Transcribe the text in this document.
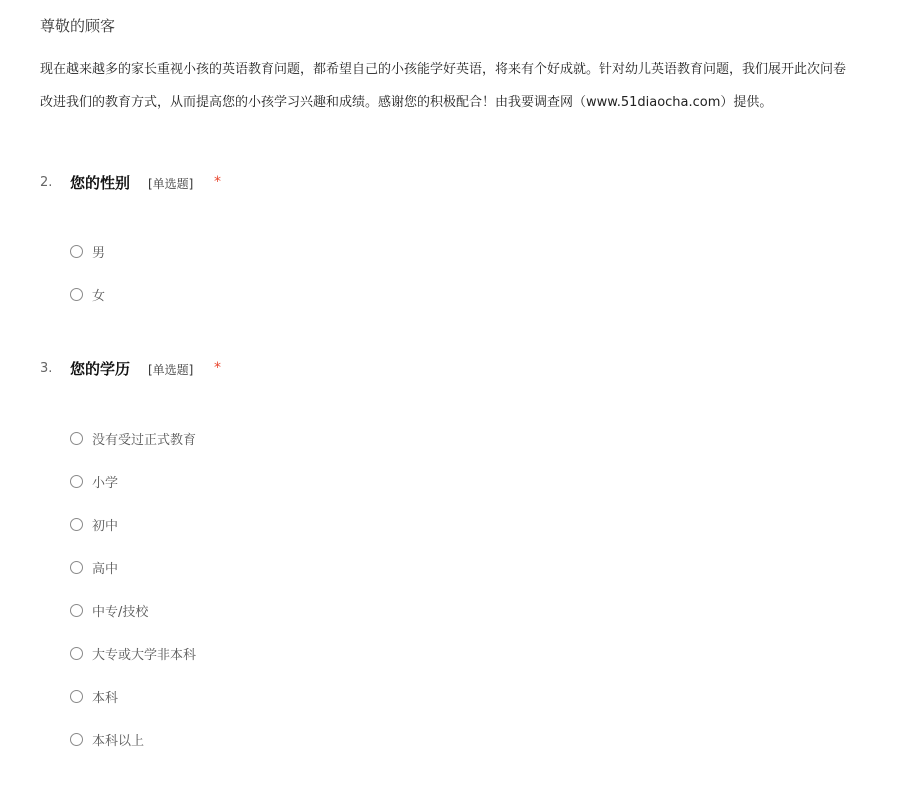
尊敬的顾客
现在越来越多的家长重视小孩的英语教育问题，都希望自己的小孩能学好英语，将来有个好成就。针对幼儿英语教育问题，我们展开此次问卷
改进我们的教育方式，从而提高您的小孩学习兴趣和成绩。感谢您的积极配合！由我要调查网（www.51diaocha.com）提供。
2. 您的性别 [单选题] *
男
女
3. 您的学历 [单选题] *
没有受过正式教育
小学
初中
高中
中专/技校
大专或大学非本科
本科
本科以上
